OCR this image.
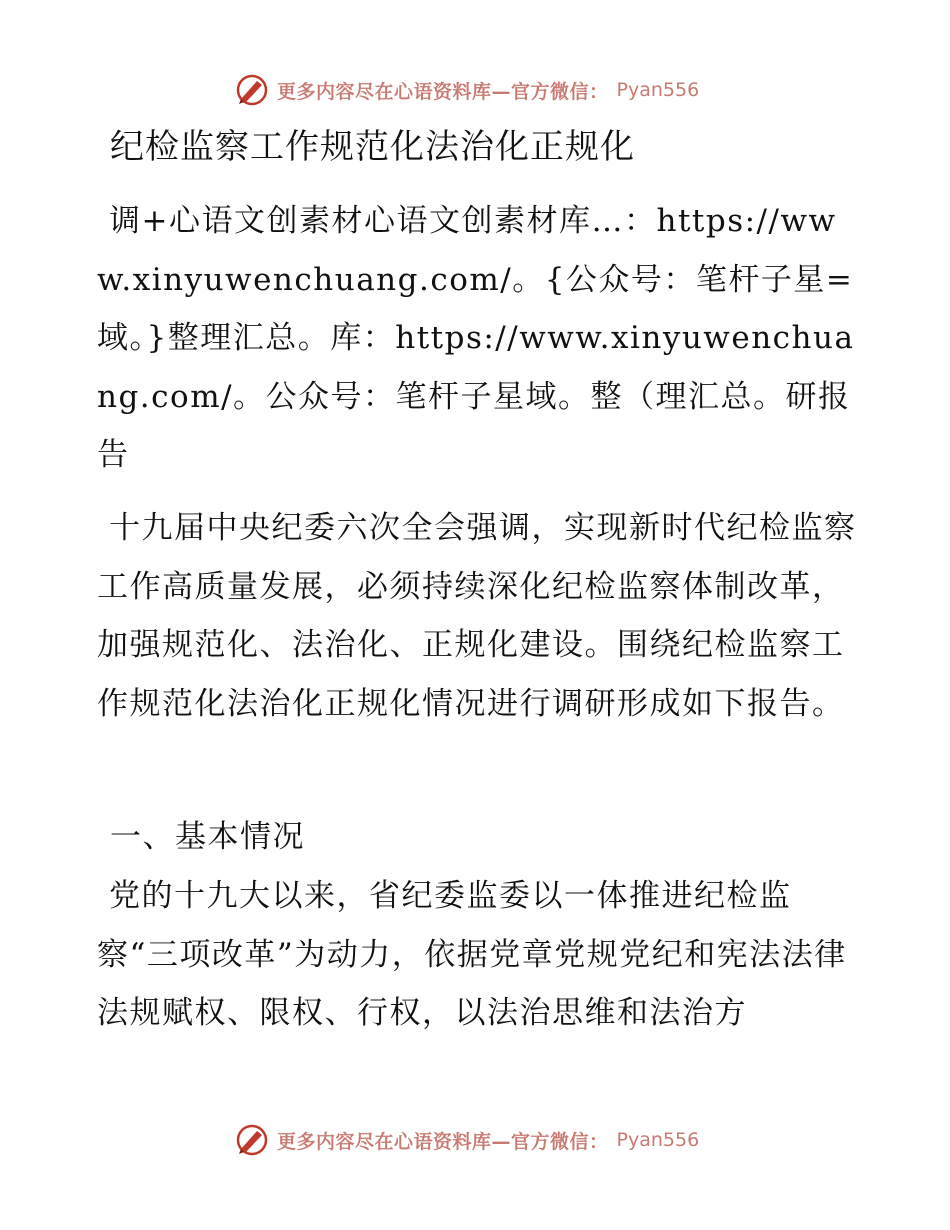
更多内容尽在心语资料库—官方微信： Pyan556
纪检监察工作规范化法治化正规化
调+心语文创素材心语文创素材库…：https://www.xinyuwenchuang.com/。{公众号：笔杆子星=域。}整理汇总。库：https://www.xinyuwenchuang.com/。公众号：笔杆子星域。整（理汇总。研报告
十九届中央纪委六次全会强调，实现新时代纪检监察工作高质量发展，必须持续深化纪检监察体制改革，加强规范化、法治化、正规化建设。围绕纪检监察工作规范化法治化正规化情况进行调研形成如下报告。
一、基本情况
党的十九大以来，省纪委监委以一体推进纪检监察“三项改革”为动力，依据党章党规党纪和宪法法律法规赋权、限权、行权，以法治思维和法治方
更多内容尽在心语资料库—官方微信： Pyan556
